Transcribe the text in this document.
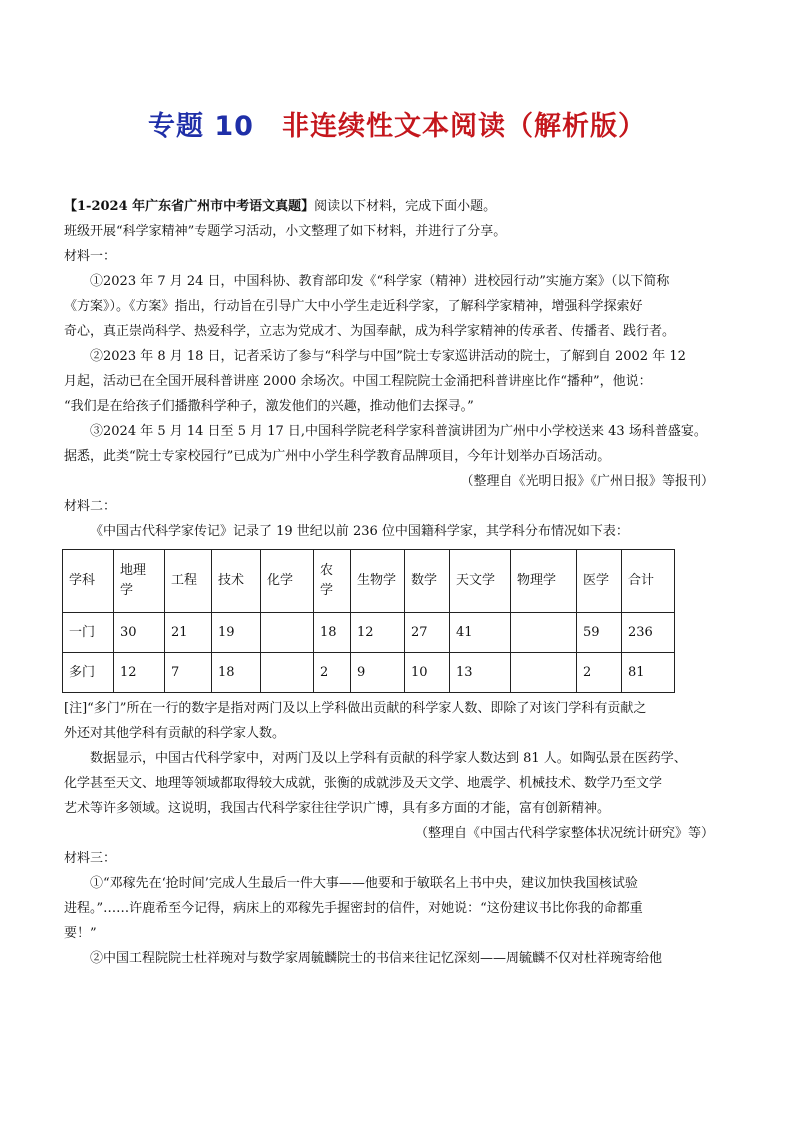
专题 10 非连续性文本阅读（解析版）

【1-2024 年广东省广州市中考语文真题】阅读以下材料，完成下面小题。

班级开展“科学家精神”专题学习活动，小文整理了如下材料，并进行了分享。

材料一：

①2023 年 7 月 24 日，中国科协、教育部印发《“科学家（精神）进校园行动”实施方案》（以下简称

《方案》）。《方案》指出，行动旨在引导广大中小学生走近科学家，了解科学家精神，增强科学探索好

奇心，真正崇尚科学、热爱科学，立志为党成才、为国奉献，成为科学家精神的传承者、传播者、践行者。

②2023 年 8 月 18 日，记者采访了参与“科学与中国”院士专家巡讲活动的院士，了解到自 2002 年 12

月起，活动已在全国开展科普讲座 2000 余场次。中国工程院院士金涌把科普讲座比作“播种”，他说：

“我们是在给孩子们播撒科学种子，激发他们的兴趣，推动他们去探寻。”

③2024 年 5 月 14 日至 5 月 17 日,中国科学院老科学家科普演讲团为广州中小学校送来 43 场科普盛宴。

据悉，此类“院士专家校园行”已成为广州中小学生科学教育品牌项目，今年计划举办百场活动。

（整理自《光明日报》《广州日报》等报刊）

材料二：

《中国古代科学家传记》记录了 19 世纪以前 236 位中国籍科学家，其学科分布情况如下表：

学科	地理学	工程	技术	化学	农学	生物学	数学	天文学	物理学	医学	合计
一门	30	21	19		18	12	27	41		59	236
多门	12	7	18		2	9	10	13		2	81

[注]“多门”所在一行的数字是指对两门及以上学科做出贡献的科学家人数、即除了对该门学科有贡献之

外还对其他学科有贡献的科学家人数。

数据显示，中国古代科学家中，对两门及以上学科有贡献的科学家人数达到 81 人。如陶弘景在医药学、

化学甚至天文、地理等领域都取得较大成就，张衡的成就涉及天文学、地震学、机械技术、数学乃至文学

艺术等许多领域。这说明，我国古代科学家往往学识广博，具有多方面的才能，富有创新精神。

（整理自《中国古代科学家整体状况统计研究》等）

材料三：

①“邓稼先在‘抢时间’完成人生最后一件大事——他要和于敏联名上书中央，建议加快我国核试验

进程。”……许鹿希至今记得，病床上的邓稼先手握密封的信件，对她说：“这份建议书比你我的命都重

要！”

②中国工程院院士杜祥琬对与数学家周毓麟院士的书信来往记忆深刻——周毓麟不仅对杜祥琬寄给他
